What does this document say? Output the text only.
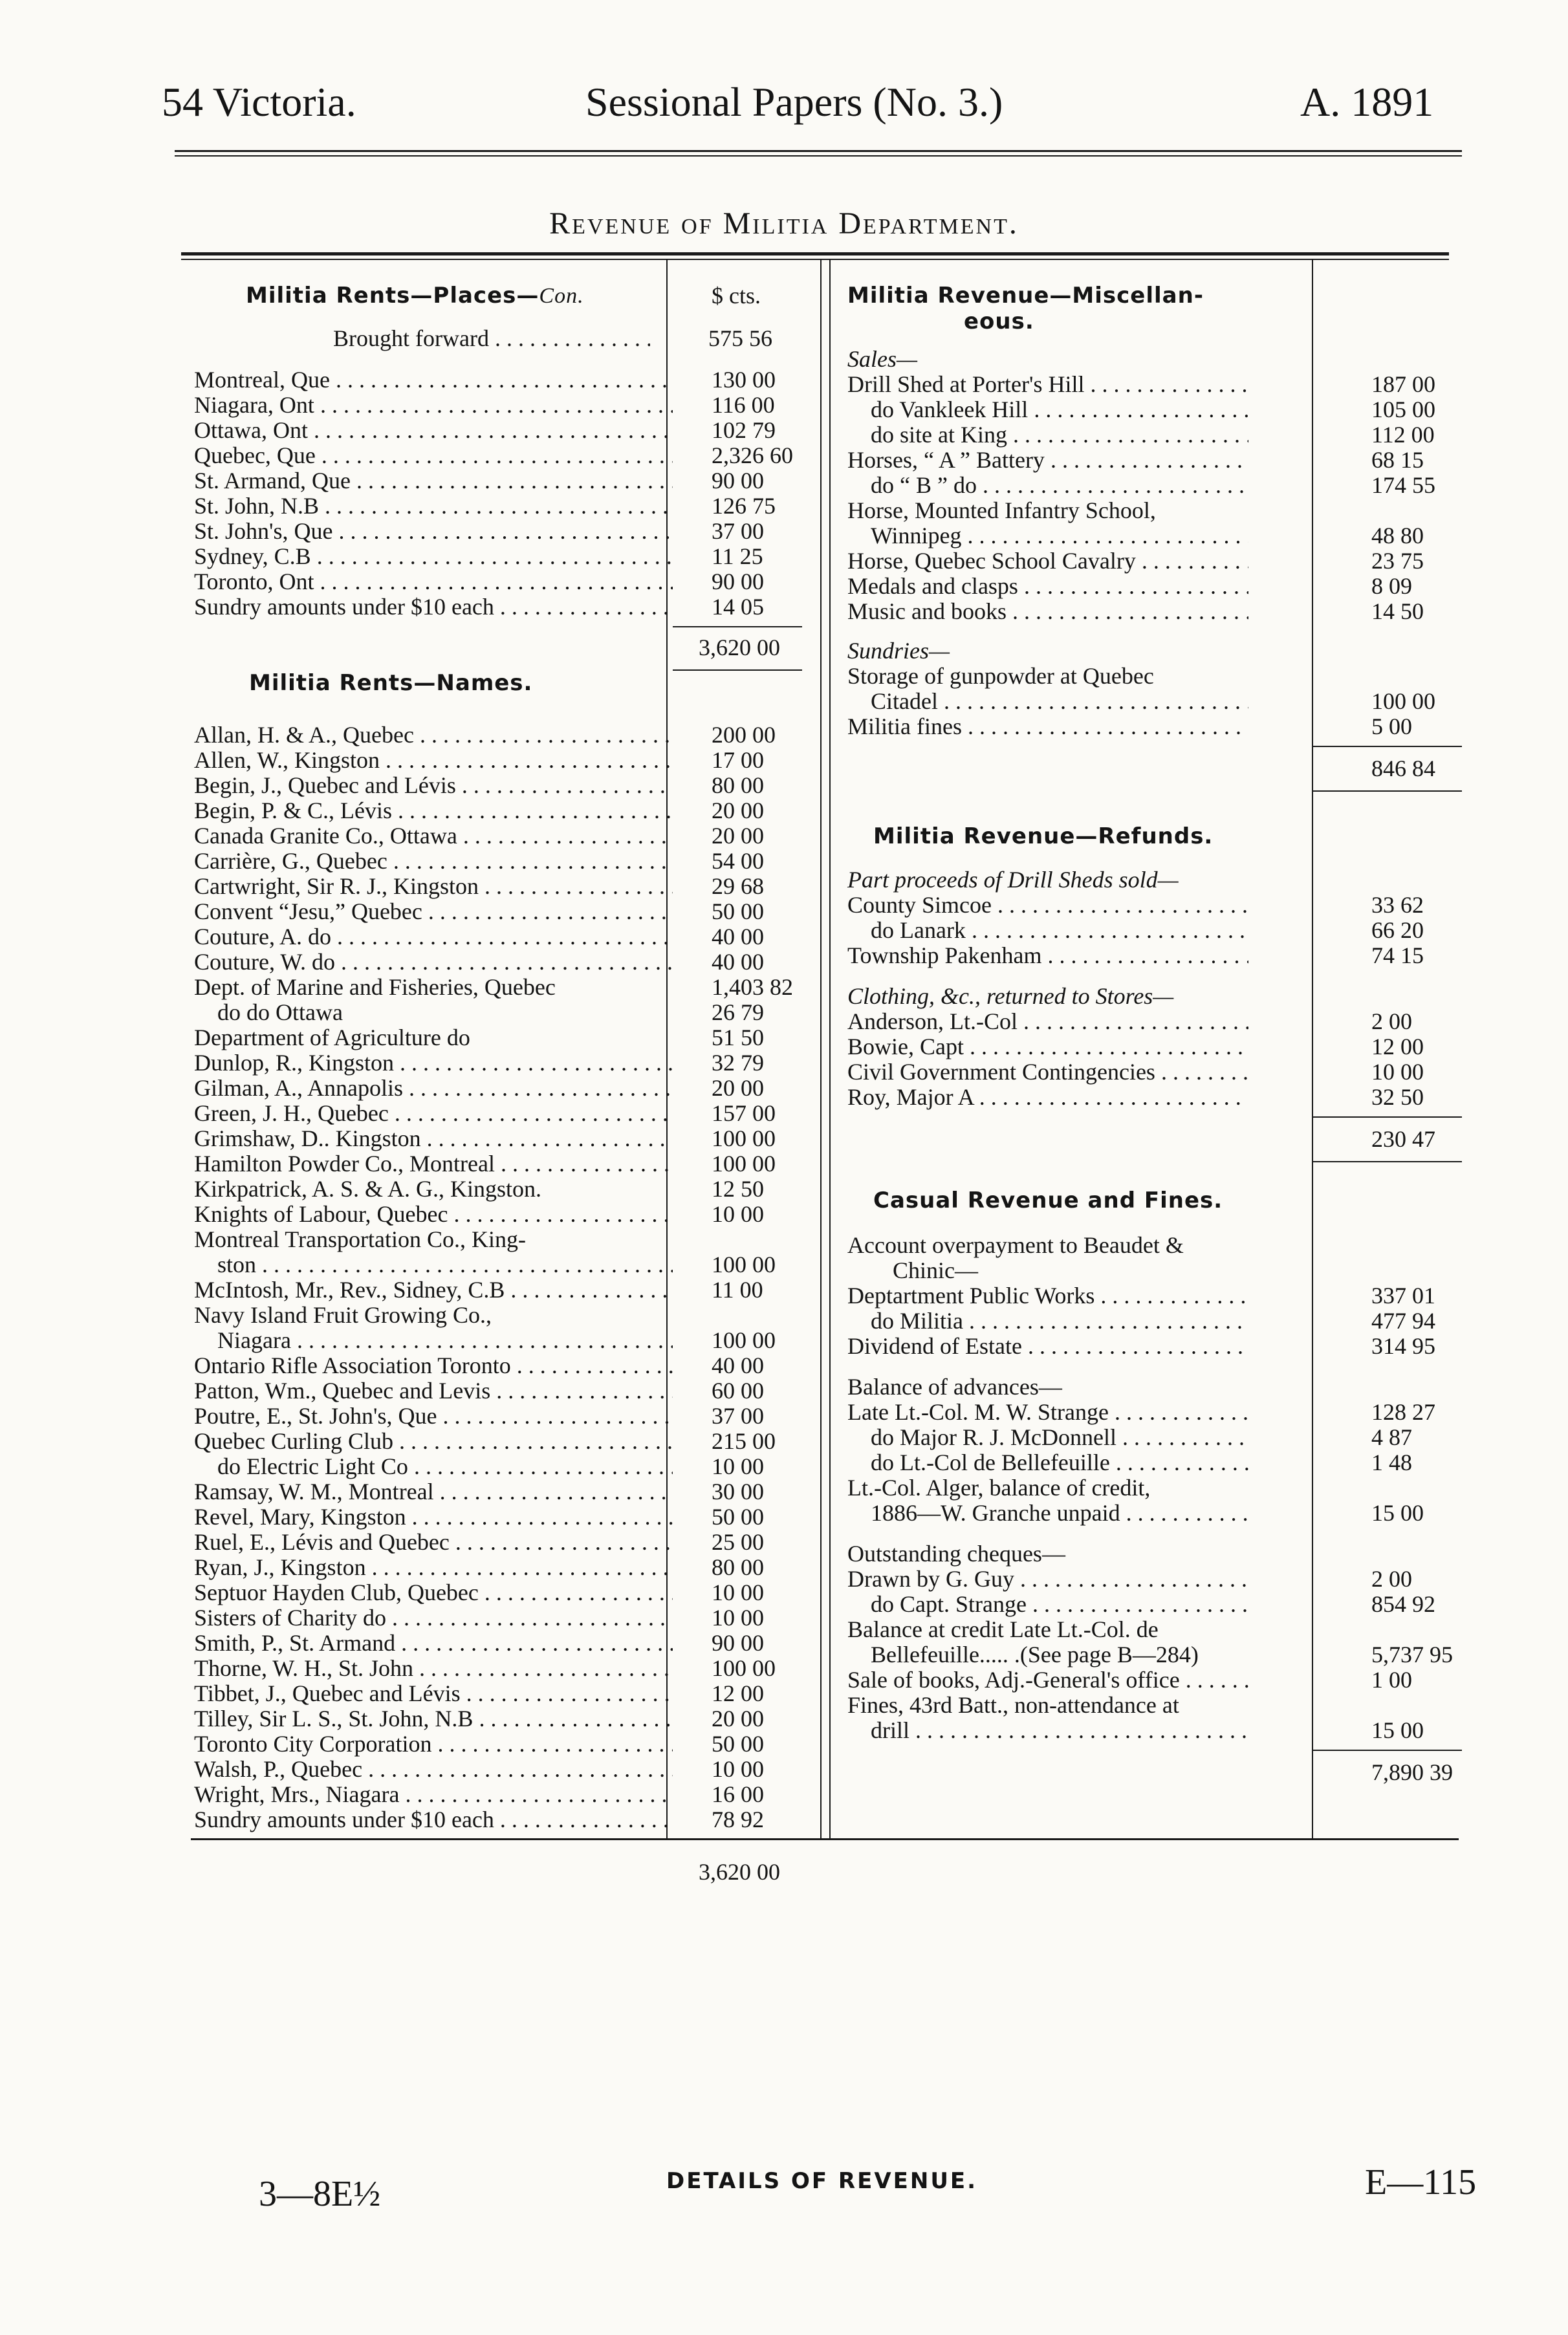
54 Victoria.	Sessional Papers (No. 3.)	A. 1891
Revenue of Militia Department.
Militia Rents—Places—Con.	$ cts.
Brought forward . . .	575 56
Montreal, Que . . .	130 00
Niagara, Ont . . .	116 00
Ottawa, Ont . . .	102 79
Quebec, Que . . .	2,326 60
St. Armand, Que . . .	90 00
St. John, N.B . . .	126 75
St. John's, Que . . .	37 00
Sydney, C.B . . .	11 25
Toronto, Ont . . .	90 00
Sundry amounts under $10 each . . .	14 05
3,620 00
Militia Rents—Names.
Allan, H. & A., Quebec . . .	200 00
Allen, W., Kingston . . .	17 00
Begin, J., Quebec and Lévis . . .	80 00
Begin, P. & C., Lévis . . .	20 00
Canada Granite Co., Ottawa . . .	20 00
Carrière, G., Quebec . . .	54 00
Cartwright, Sir R. J., Kingston . . .	29 68
Convent “Jesu,” Quebec . . .	50 00
Couture, A. do . . .	40 00
Couture, W. do . . .	40 00
Dept. of Marine and Fisheries, Quebec	1,403 82
do do Ottawa	26 79
Department of Agriculture do	51 50
Dunlop, R., Kingston . . .	32 79
Gilman, A., Annapolis . . .	20 00
Green, J. H., Quebec . . .	157 00
Grimshaw, D.. Kingston . . .	100 00
Hamilton Powder Co., Montreal . . .	100 00
Kirkpatrick, A. S. & A. G., Kingston.	12 50
Knights of Labour, Quebec . . .	10 00
Montreal Transportation Co., King-
ston . . .	100 00
McIntosh, Mr., Rev., Sidney, C.B . . .	11 00
Navy Island Fruit Growing Co.,
Niagara . . .	100 00
Ontario Rifle Association Toronto . . .	40 00
Patton, Wm., Quebec and Levis . . .	60 00
Poutre, E., St. John's, Que . . .	37 00
Quebec Curling Club . . .	215 00
do Electric Light Co . . .	10 00
Ramsay, W. M., Montreal . . .	30 00
Revel, Mary, Kingston . . .	50 00
Ruel, E., Lévis and Quebec . . .	25 00
Ryan, J., Kingston . . .	80 00
Septuor Hayden Club, Quebec . . .	10 00
Sisters of Charity do . . .	10 00
Smith, P., St. Armand . . .	90 00
Thorne, W. H., St. John . . .	100 00
Tibbet, J., Quebec and Lévis . . .	12 00
Tilley, Sir L. S., St. John, N.B . . .	20 00
Toronto City Corporation . . .	50 00
Walsh, P., Quebec . . .	10 00
Wright, Mrs., Niagara . . .	16 00
Sundry amounts under $10 each . . .	78 92
3,620 00
Militia Revenue—Miscellan-
eous.
Sales—
Drill Shed at Porter's Hill . . .	187 00
do Vankleek Hill . . .	105 00
do site at King . . .	112 00
Horses, “ A ” Battery . . .	68 15
do “ B ” do . . .	174 55
Horse, Mounted Infantry School,
Winnipeg . . .	48 80
Horse, Quebec School Cavalry . . .	23 75
Medals and clasps . . .	8 09
Music and books . . .	14 50
Sundries—
Storage of gunpowder at Quebec
Citadel . . .	100 00
Militia fines . . .	5 00
846 84
Militia Revenue—Refunds.
Part proceeds of Drill Sheds sold—
County Simcoe . . .	33 62
do Lanark . . .	66 20
Township Pakenham . . .	74 15
Clothing, &c., returned to Stores—
Anderson, Lt.-Col . . .	2 00
Bowie, Capt . . .	12 00
Civil Government Contingencies . . .	10 00
Roy, Major A . . .	32 50
230 47
Casual Revenue and Fines.
Account overpayment to Beaudet &
Chinic—
Deptartment Public Works . . .	337 01
do Militia . . .	477 94
Dividend of Estate . . .	314 95
Balance of advances—
Late Lt.-Col. M. W. Strange . . .	128 27
do Major R. J. McDonnell . . .	4 87
do Lt.-Col de Bellefeuille . . .	1 48
Lt.-Col. Alger, balance of credit,
1886—W. Granche unpaid . . .	15 00
Outstanding cheques—
Drawn by G. Guy . . .	2 00
do Capt. Strange . . .	854 92
Balance at credit Late Lt.-Col. de
Bellefeuille..... .(See page B—284)	5,737 95
Sale of books, Adj.-General's office . . .	1 00
Fines, 43rd Batt., non-attendance at
drill . . .	15 00
7,890 39
3—8E½	DETAILS OF REVENUE.	E—115
